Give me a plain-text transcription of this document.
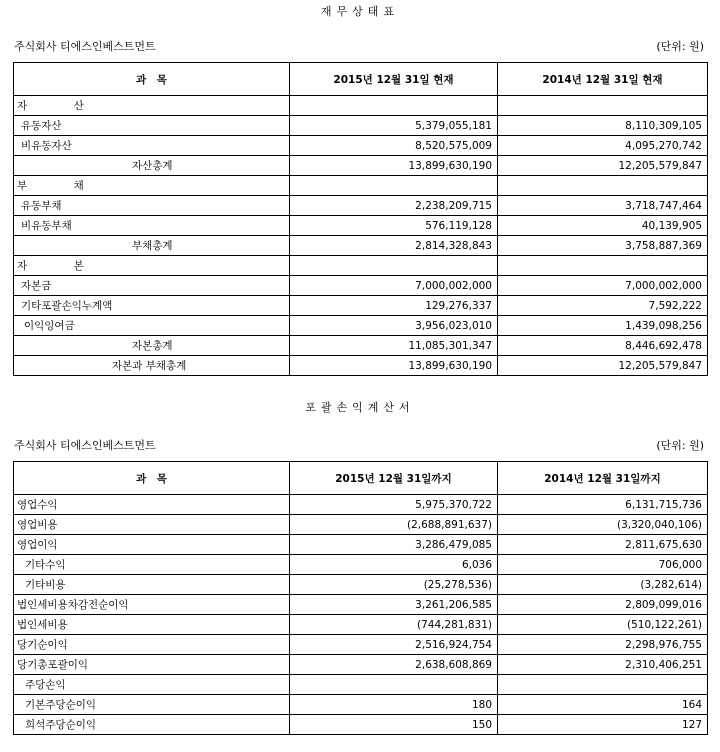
재무상태표
주식회사 티에스인베스트먼트	(단위: 원)
과　목	2015년 12월 31일 현재	2014년 12월 31일 현재
자　산		
유동자산	5,379,055,181	8,110,309,105
비유동자산	8,520,575,009	4,095,270,742
자산총계	13,899,630,190	12,205,579,847
부　채		
유동부채	2,238,209,715	3,718,747,464
비유동부채	576,119,128	40,139,905
부채총계	2,814,328,843	3,758,887,369
자　본		
자본금	7,000,002,000	7,000,002,000
기타포괄손익누계액	129,276,337	7,592,222
이익잉여금	3,956,023,010	1,439,098,256
자본총계	11,085,301,347	8,446,692,478
자본과 부채총계	13,899,630,190	12,205,579,847
포괄손익계산서
주식회사 티에스인베스트먼트	(단위: 원)
과　목	2015년 12월 31일까지	2014년 12월 31일까지
영업수익	5,975,370,722	6,131,715,736
영업비용	(2,688,891,637)	(3,320,040,106)
영업이익	3,286,479,085	2,811,675,630
기타수익	6,036	706,000
기타비용	(25,278,536)	(3,282,614)
법인세비용차감전순이익	3,261,206,585	2,809,099,016
법인세비용	(744,281,831)	(510,122,261)
당기순이익	2,516,924,754	2,298,976,755
당기총포괄이익	2,638,608,869	2,310,406,251
주당손익		
기본주당순이익	180	164
희석주당순이익	150	127
